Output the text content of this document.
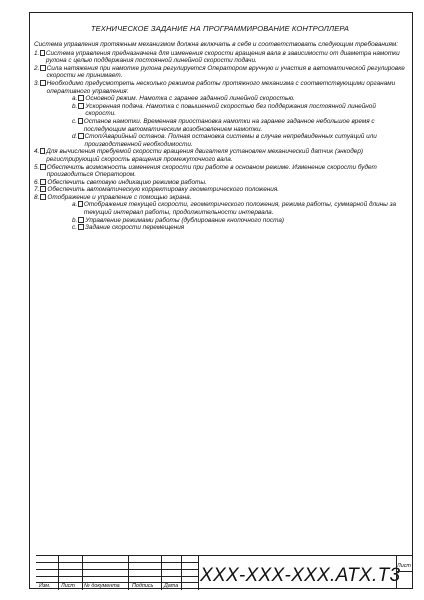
ТЕХНИЧЕСКОЕ ЗАДАНИЕ НА ПРОГРАММИРОВАНИЕ КОНТРОЛЛЕРА
Система управления протяжным механизмом должна включать в себя и соответствовать следующим требованиям:
1. Система управления предназначена для изменения скорости вращения вала в зависимости от диаметра намотки рулона с целью поддержания постоянной линейной скорости подачи.
2. Сила натяжения при намотке рулона регулируется Оператором вручную и участия в автоматической регулировке скорости не принимает.
3. Необходимо предусмотреть несколько режимов работы протяжного механизма с соответствующими органами оперативного управления:
a. Основной режим. Намотка с заранее заданной линейной скоростью.
b. Ускоренная подача. Намотка с повышенной скоростью без поддержания постоянной линейной скорости.
c. Останов намотки. Временная приостановка намотки на заранее заданное небольшое время с последующим автоматическим возобновлением намотки.
d. Стоп/Аварийный останов. Полная остановка системы в случае непредвиденных ситуаций или производственной необходимости.
4. Для вычисления требуемой скорости вращения двигателя установлен механический датчик (энкодер) регистрирующий скорость вращения промежуточного вала.
5. Обеспечить возможность изменения скорости при работе в основном режиме. Изменение скорости будет производиться Оператором.
6. Обеспечить световую индикацию режимов работы.
7. Обеспечить автоматическую корректировку геометрического положения.
8. Отображение и управление с помощью экрана.
a. Отображения текущей скорости, геометрического положения, режима работы, суммарной длины за текущий интервал работы, продолжительности интервала.
b. Управление режимами работы (дублирование кнопочного поста)
c. Задание скорости перемещения
Изм. Лист № документа Подпись Дата XXX-XXX-XXX.ATX.T3
Лист
